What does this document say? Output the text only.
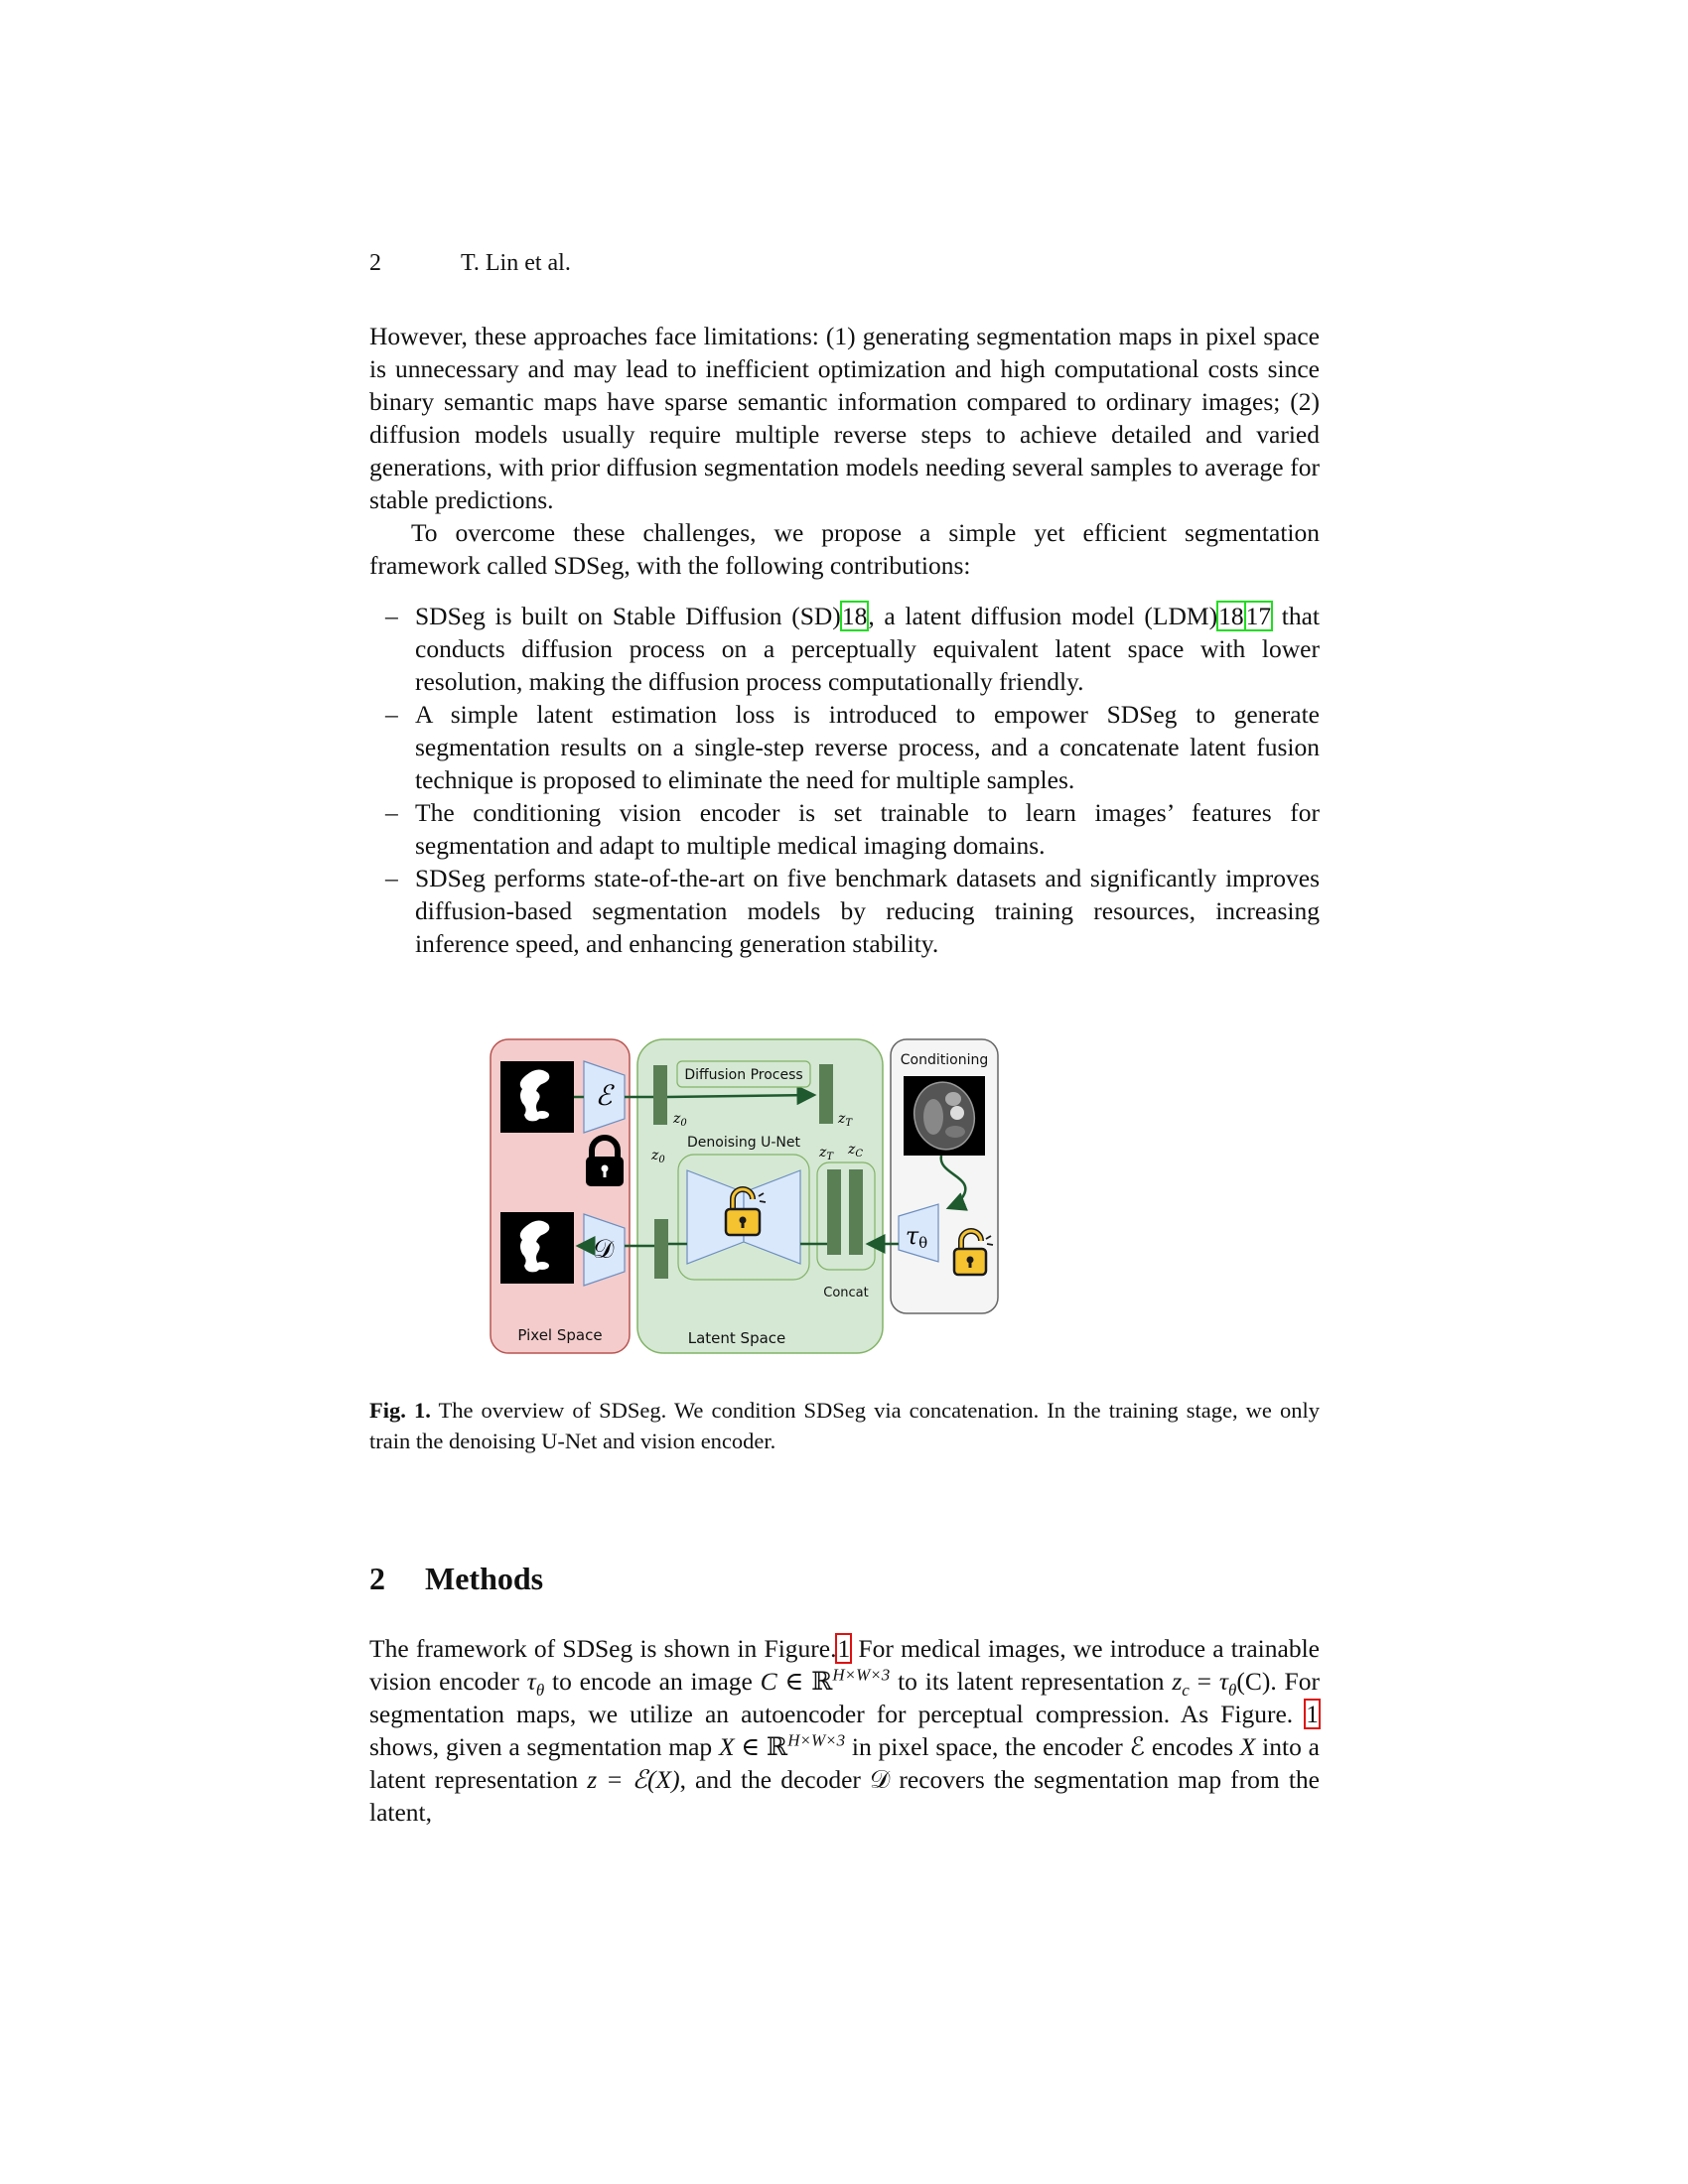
2	T. Lin et al.

However, these approaches face limitations: (1) generating segmentation maps in pixel space is unnecessary and may lead to inefficient optimization and high computational costs since binary semantic maps have sparse semantic information compared to ordinary images; (2) diffusion models usually require multiple reverse steps to achieve detailed and varied generations, with prior diffusion segmentation models needing several samples to average for stable predictions.

To overcome these challenges, we propose a simple yet efficient segmentation framework called SDSeg, with the following contributions:

– SDSeg is built on Stable Diffusion (SD)18, a latent diffusion model (LDM)1817 that conducts diffusion process on a perceptually equivalent latent space with lower resolution, making the diffusion process computationally friendly.
– A simple latent estimation loss is introduced to empower SDSeg to generate segmentation results on a single-step reverse process, and a concatenate latent fusion technique is proposed to eliminate the need for multiple samples.
– The conditioning vision encoder is set trainable to learn images’ features for segmentation and adapt to multiple medical imaging domains.
– SDSeg performs state-of-the-art on five benchmark datasets and significantly improves diffusion-based segmentation models by reducing training resources, increasing inference speed, and enhancing generation stability.
ℰ
𝒟
$z_0$
Diffusion Process
$z_T$
Denoising U-Net
$z_0$	$z_T$ $z_C$
Concat
Conditioning
τθ
Pixel Space	Latent Space
Fig. 1. The overview of SDSeg. We condition SDSeg via concatenation. In the training stage, we only train the denoising U-Net and vision encoder.
2 Methods

The framework of SDSeg is shown in Figure.1 For medical images, we introduce a trainable vision encoder $\tau_\theta$ to encode an image C ∈ ℝ$^{H\times W\times 3}$ to its latent representation $z_c = \tau_\theta(C)$. For segmentation maps, we utilize an autoencoder for perceptual compression. As Figure. 1 shows, given a segmentation map X ∈ ℝ$^{H\times W\times 3}$ in pixel space, the encoder ℰ encodes X into a latent representation z = ℰ(X), and the decoder 𝒟 recovers the segmentation map from the latent,
